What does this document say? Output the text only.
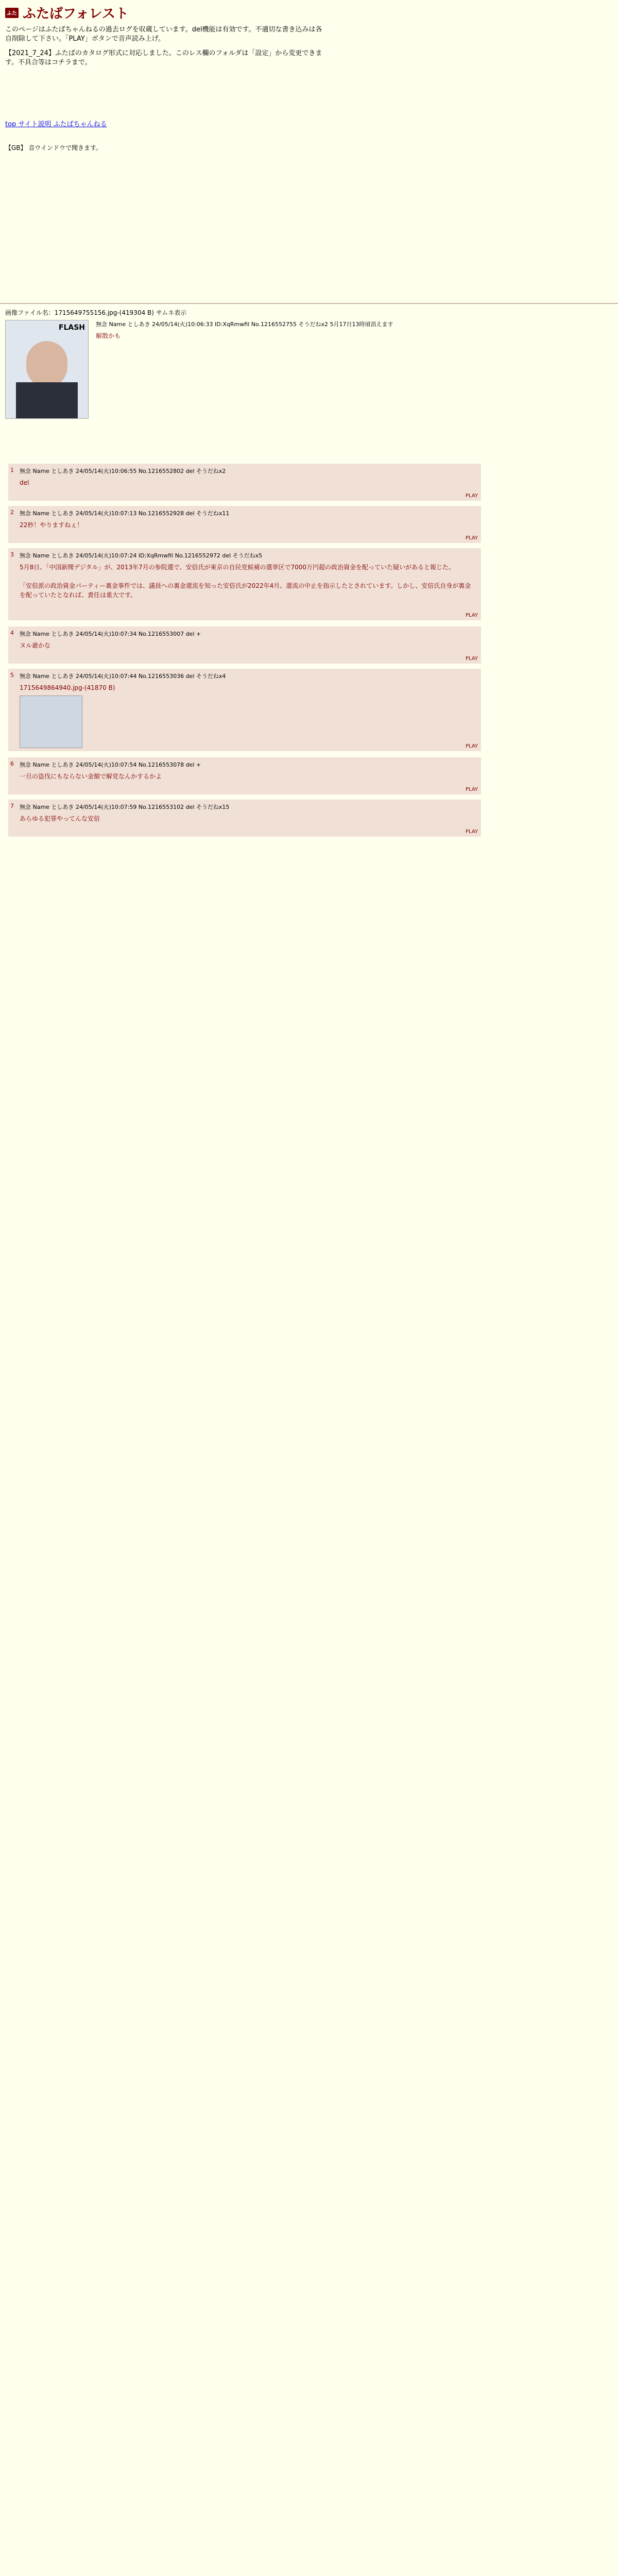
ふた ふたばフォレスト
このページはふたばちゃんねるの過去ログを収蔵しています。del機能は有効です。不適切な書き込みは各自削除して下さい。「PLAY」ボタンで音声読み上げ。
【2021_7_24】ふたばのカタログ形式に対応しました。このレス欄のフォルダは「設定」から変更できます。不具合等はコチラまで。
top サイト説明 ふたばちゃんねる
【GB】 音ウインドウで聞きます。
画像ファイル名：1715649755156.jpg-(419304 B) サムネ表示
FLASH
無念 Name としあき 24/05/14(火)10:06:33 ID:XqRmwfil No.1216552755 そうだねx2 5月17日13時頃消えます
解散かも
1 無念 Name としあき 24/05/14(火)10:06:55 No.1216552802 del そうだねx2
del
PLAY
2 無念 Name としあき 24/05/14(火)10:07:13 No.1216552928 del そうだねx11
22秒！やりますねぇ！
PLAY
3 無念 Name としあき 24/05/14(火)10:07:24 ID:XqRmwfil No.1216552972 del そうだねx5
5月8日、「中国新聞デジタル」が、2013年7月の参院選で、安倍氏が東京の自民党候補の選挙区で7000万円超の政治資金を配っていた疑いがあると報じた。

「安倍派の政治資金パーティー裏金事件では、議員への裏金還流を知った安倍氏が2022年4月、還流の中止を指示したとされています。しかし、安倍氏自身が裏金を配っていたとなれば、責任は重大です。
PLAY
4 無念 Name としあき 24/05/14(火)10:07:34 No.1216553007 del +
ヌル爺かな
PLAY
5 無念 Name としあき 24/05/14(火)10:07:44 No.1216553036 del そうだねx4
1715649864940.jpg-(41870 B)
PLAY
6 無念 Name としあき 24/05/14(火)10:07:54 No.1216553078 del +
一旦の盗伐にもならない金額で解党なんかするかよ
PLAY
7 無念 Name としあき 24/05/14(火)10:07:59 No.1216553102 del そうだねx15
あらゆる犯罪やってんな安倍
PLAY
